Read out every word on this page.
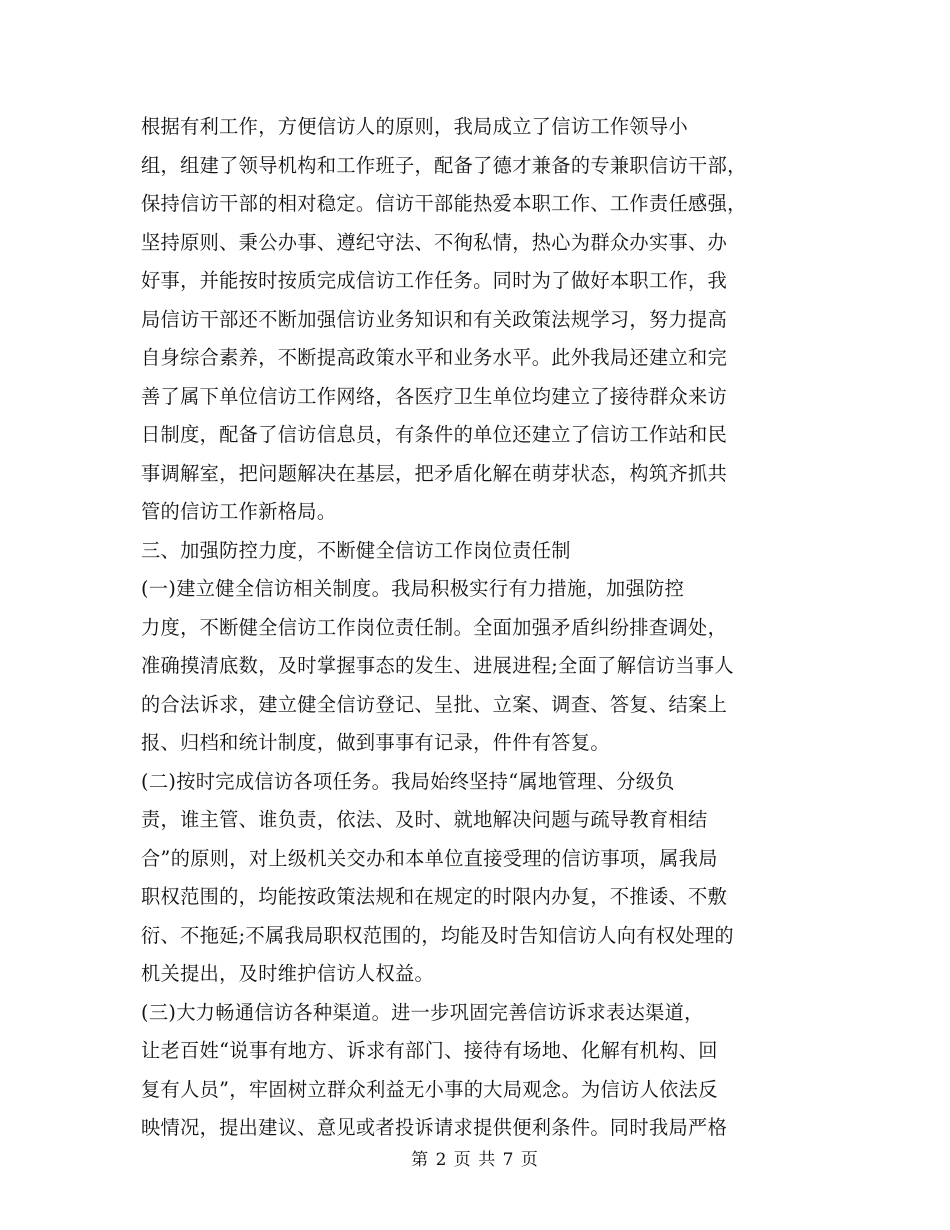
根据有利工作，方便信访人的原则，我局成立了信访工作领导小
组，组建了领导机构和工作班子，配备了德才兼备的专兼职信访干部，
保持信访干部的相对稳定。信访干部能热爱本职工作、工作责任感强，
坚持原则、秉公办事、遵纪守法、不徇私情，热心为群众办实事、办
好事，并能按时按质完成信访工作任务。同时为了做好本职工作，我
局信访干部还不断加强信访业务知识和有关政策法规学习，努力提高
自身综合素养，不断提高政策水平和业务水平。此外我局还建立和完
善了属下单位信访工作网络，各医疗卫生单位均建立了接待群众来访
日制度，配备了信访信息员，有条件的单位还建立了信访工作站和民
事调解室，把问题解决在基层，把矛盾化解在萌芽状态，构筑齐抓共
管的信访工作新格局。
三、加强防控力度，不断健全信访工作岗位责任制
(一)建立健全信访相关制度。我局积极实行有力措施，加强防控
力度，不断健全信访工作岗位责任制。全面加强矛盾纠纷排查调处，
准确摸清底数，及时掌握事态的发生、进展进程;全面了解信访当事人
的合法诉求，建立健全信访登记、呈批、立案、调查、答复、结案上
报、归档和统计制度，做到事事有记录，件件有答复。
(二)按时完成信访各项任务。我局始终坚持“属地管理、分级负
责，谁主管、谁负责，依法、及时、就地解决问题与疏导教育相结
合”的原则，对上级机关交办和本单位直接受理的信访事项，属我局
职权范围的，均能按政策法规和在规定的时限内办复，不推诿、不敷
衍、不拖延;不属我局职权范围的，均能及时告知信访人向有权处理的
机关提出，及时维护信访人权益。
(三)大力畅通信访各种渠道。进一步巩固完善信访诉求表达渠道，
让老百姓“说事有地方、诉求有部门、接待有场地、化解有机构、回
复有人员”，牢固树立群众利益无小事的大局观念。为信访人依法反
映情况，提出建议、意见或者投诉请求提供便利条件。同时我局严格
第 2 页 共 7 页
